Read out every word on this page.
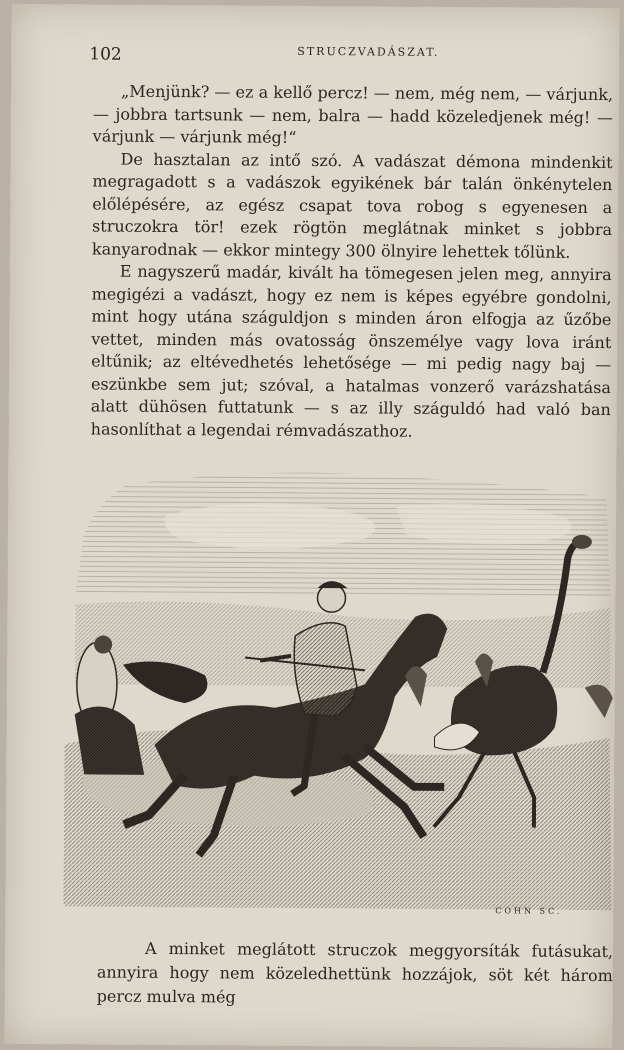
102	STRUCZVADÁSZAT.

„Menjünk? — ez a kellő percz! — nem, még nem, — várjunk, — jobbra tartsunk — nem, balra — hadd közeledjenek még! — várjunk — várjunk még!“

De hasztalan az intő szó. A vadászat démona mindenkit megragadott s a vadászok egyikének bár talán önkénytelen előlépésére, az egész csapat tova robog s egyenesen a struczokra tör! ezek rögtön meglátnak minket s jobbra kanyarodnak — ekkor mintegy 300 ölnyire lehettek tőlünk.

E nagyszerű madár, kivált ha tömegesen jelen meg, annyira megigézi a vadászt, hogy ez nem is képes egyébre gondolni, mint hogy utána száguldjon s minden áron elfogja az űzőbe vettet, minden más ovatosság önszemélye vagy lova iránt eltűnik; az eltévedhetés lehetősége — mi pedig nagy baj — eszünkbe sem jut; szóval, a hatalmas vonzerő varázshatása alatt dühösen futtatunk — s az illy száguldó had való ban hasonlíthat a legendai rémvadászathoz.

COHN SC.

A minket meglátott struczok meggyorsíták futásukat, annyira hogy nem közeledhettünk hozzájok, söt két három percz mulva még
